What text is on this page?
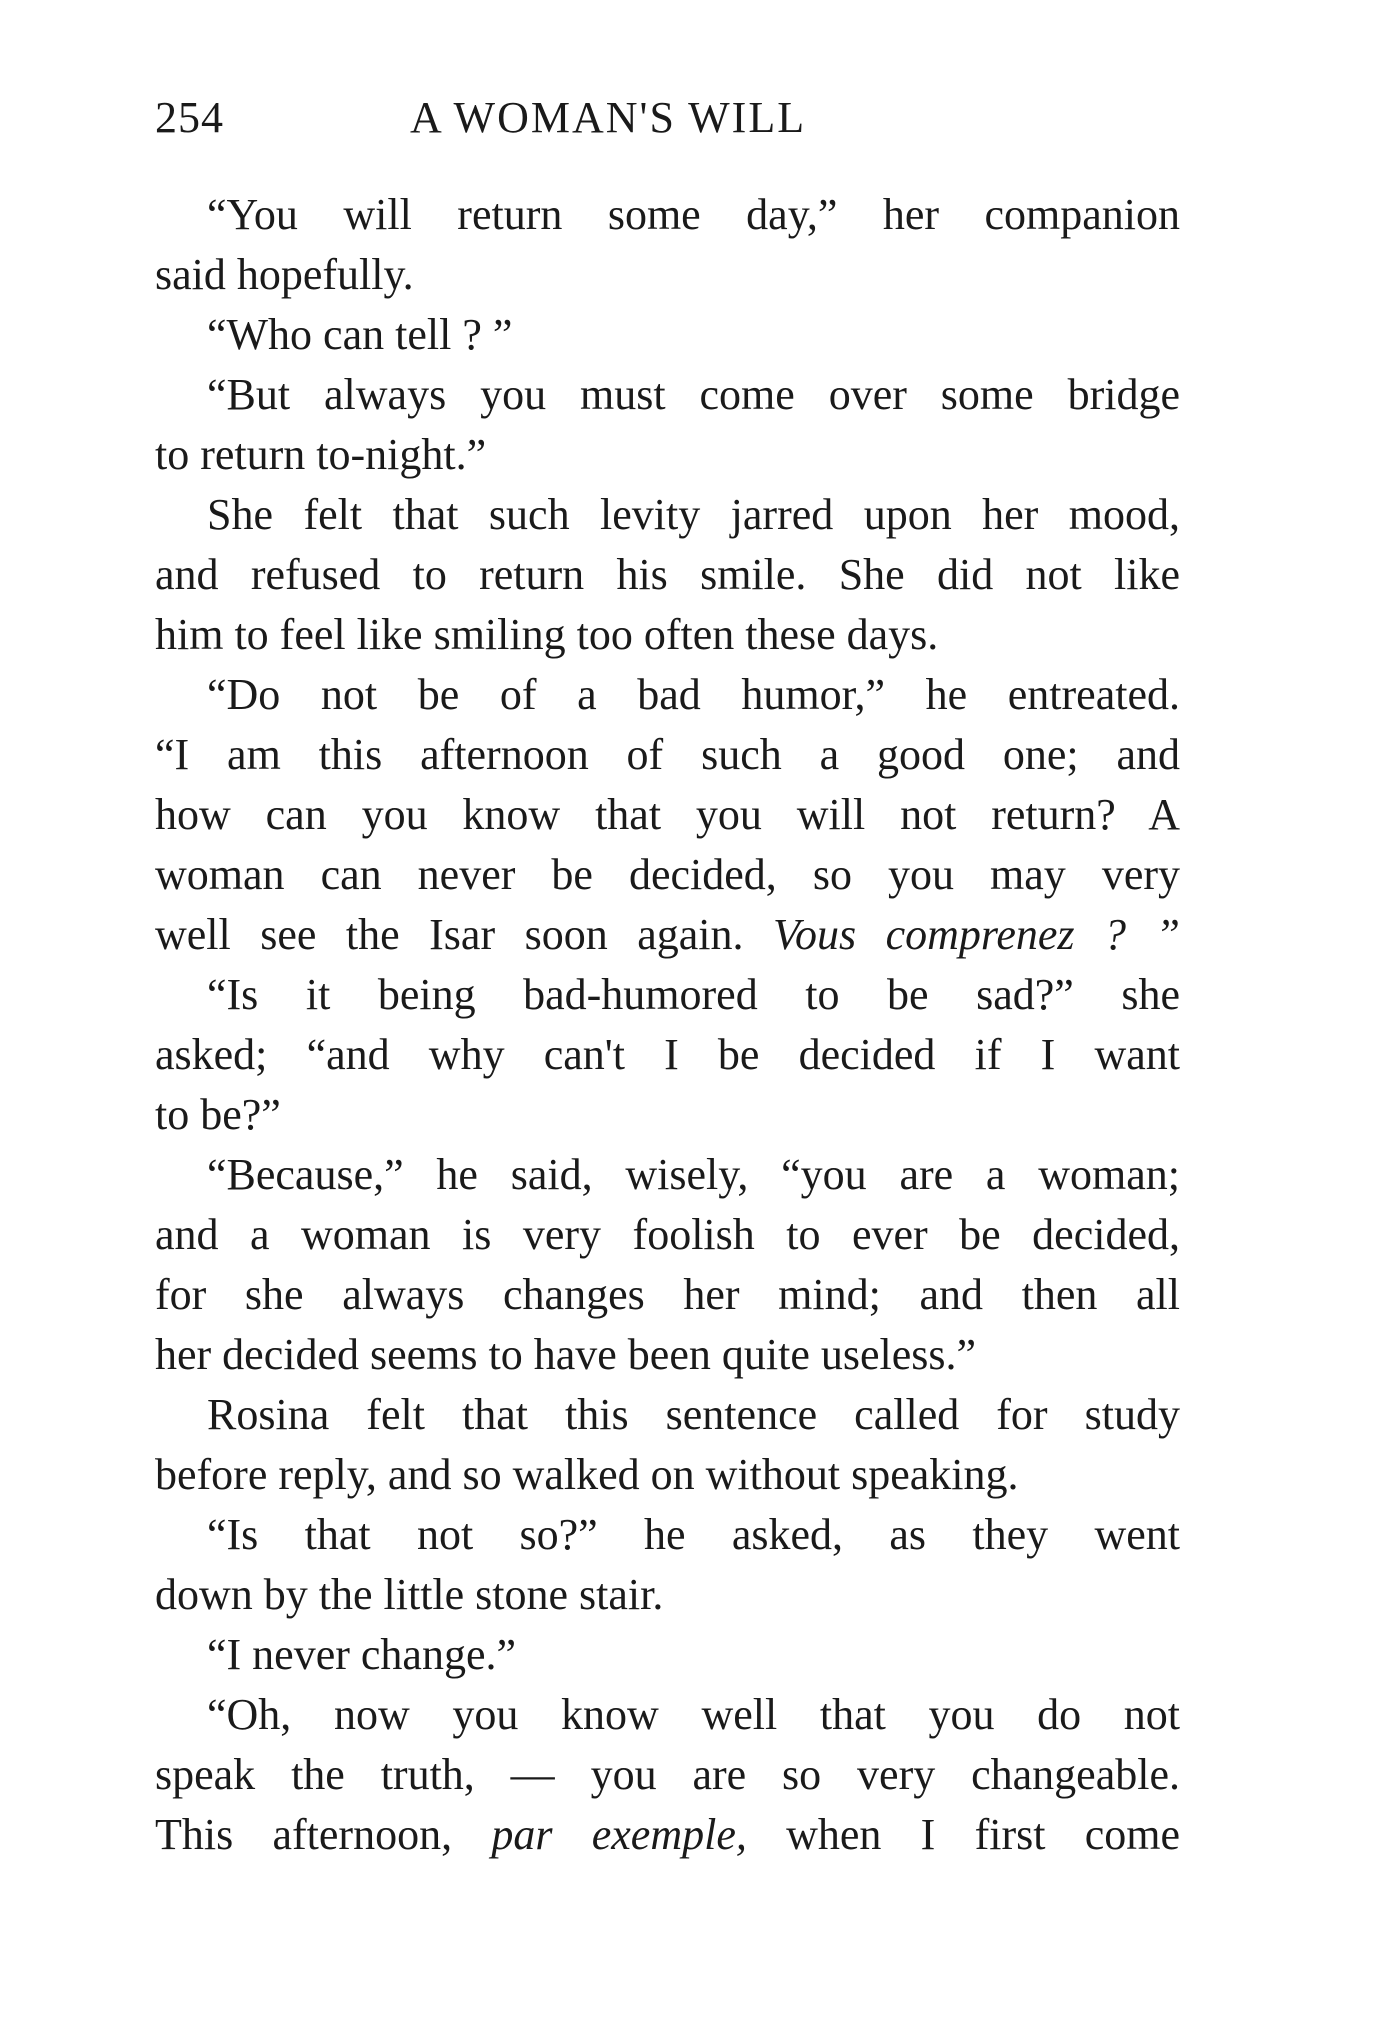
254	A WOMAN'S WILL
“You will return some day,” her companion
said hopefully.
“Who can tell ? ”
“But always you must come over some bridge
to return to-night.”
She felt that such levity jarred upon her mood,
and refused to return his smile. She did not like
him to feel like smiling too often these days.
“Do not be of a bad humor,” he entreated.
“I am this afternoon of such a good one; and
how can you know that you will not return? A
woman can never be decided, so you may very
well see the Isar soon again. Vous comprenez ? ”
“Is it being bad-humored to be sad?” she
asked; “and why can't I be decided if I want
to be?”
“Because,” he said, wisely, “you are a woman;
and a woman is very foolish to ever be decided,
for she always changes her mind; and then all
her decided seems to have been quite useless.”
Rosina felt that this sentence called for study
before reply, and so walked on without speaking.
“Is that not so?” he asked, as they went
down by the little stone stair.
“I never change.”
“Oh, now you know well that you do not
speak the truth, — you are so very changeable.
This afternoon, par exemple, when I first come
